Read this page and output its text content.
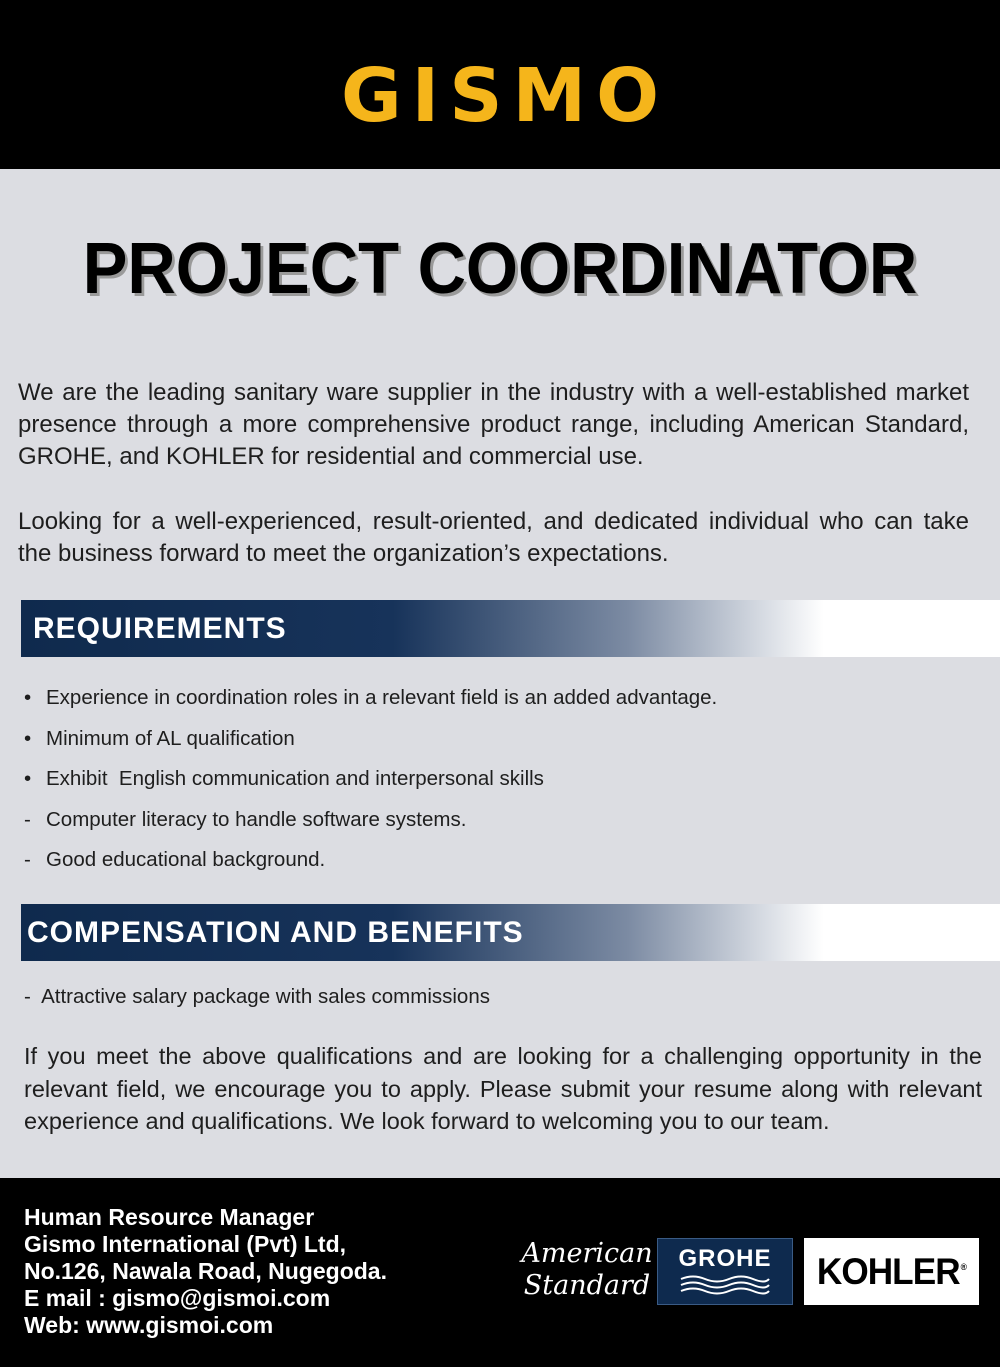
GISMO
PROJECT COORDINATOR

We are the leading sanitary ware supplier in the industry with a well-established market presence through a more comprehensive product range, including American Standard, GROHE, and KOHLER for residential and commercial use.

Looking for a well-experienced, result-oriented, and dedicated individual who can take the business forward to meet the organization’s expectations.

REQUIREMENTS
• Experience in coordination roles in a relevant field is an added advantage.
• Minimum of AL qualification
• Exhibit  English communication and interpersonal skills
- Computer literacy to handle software systems.
- Good educational background.
COMPENSATION AND BENEFITS
-  Attractive salary package with sales commissions

If you meet the above qualifications and are looking for a challenging opportunity in the relevant field, we encourage you to apply. Please submit your resume along with relevant experience and qualifications. We look forward to welcoming you to our team.

Human Resource Manager
Gismo International (Pvt) Ltd,
No.126, Nawala Road, Nugegoda.
E mail : gismo@gismoi.com
Web: www.gismoi.com
American
Standard
GROHE	KOHLER®
